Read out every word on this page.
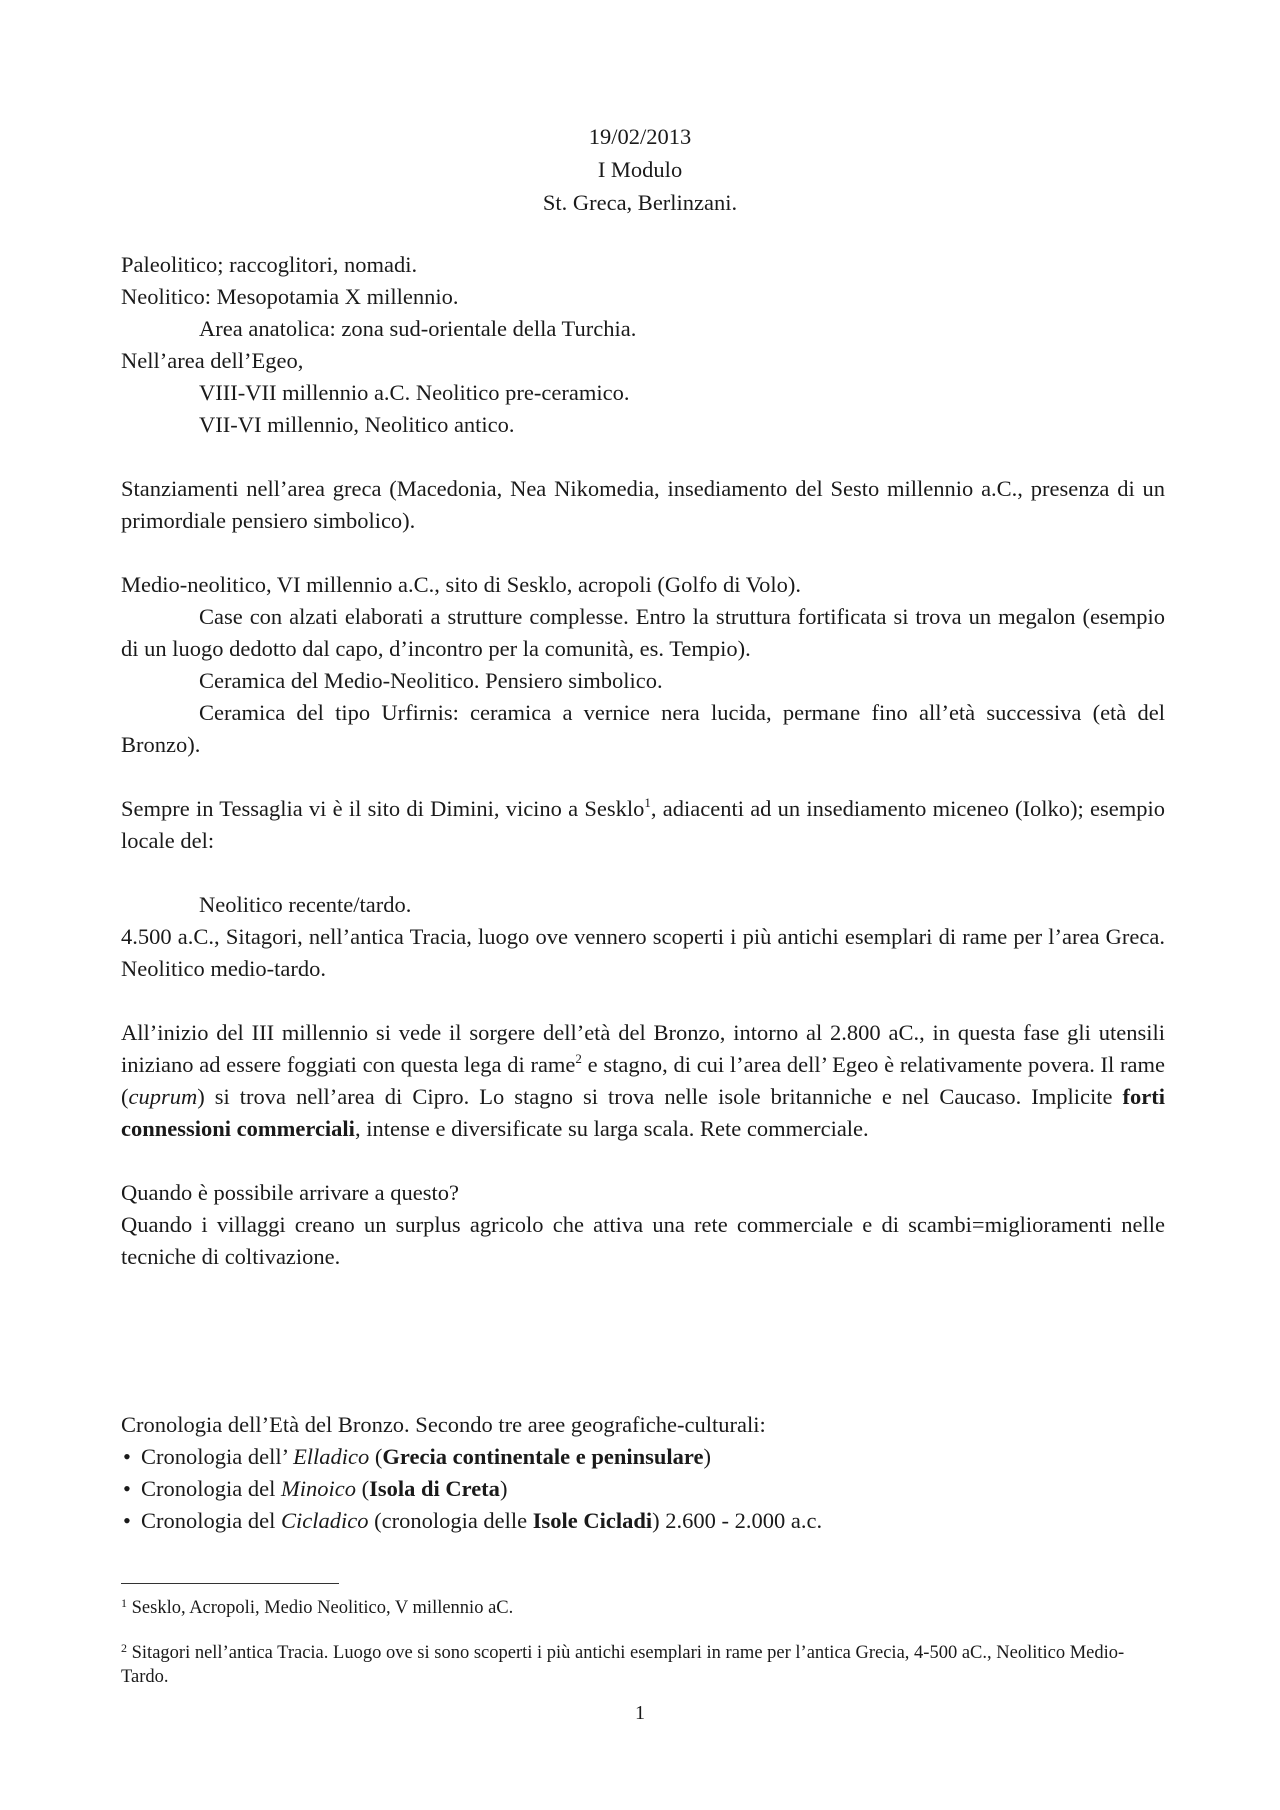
19/02/2013
I Modulo
St. Greca, Berlinzani.

Paleolitico; raccoglitori, nomadi.

Neolitico: Mesopotamia X millennio.

Area anatolica: zona sud-orientale della Turchia.

Nell’area dell’Egeo,

VIII-VII millennio a.C. Neolitico pre-ceramico.

VII-VI millennio, Neolitico antico.

Stanziamenti nell’area greca (Macedonia, Nea Nikomedia, insediamento del Sesto millennio a.C., presenza di un primordiale pensiero simbolico).

Medio-neolitico, VI millennio a.C., sito di Sesklo, acropoli (Golfo di Volo).

Case con alzati elaborati a strutture complesse. Entro la struttura fortificata si trova un megalon (esempio di un luogo dedotto dal capo, d’incontro per la comunità, es. Tempio).

Ceramica del Medio-Neolitico. Pensiero simbolico.

Ceramica del tipo Urfirnis: ceramica a vernice nera lucida, permane fino all’età successiva (età del Bronzo).

Sempre in Tessaglia vi è il sito di Dimini, vicino a Sesklo$^1$, adiacenti ad un insediamento miceneo (Iolko); esempio locale del:

Neolitico recente/tardo.

4.500 a.C., Sitagori, nell’antica Tracia, luogo ove vennero scoperti i più antichi esemplari di rame per l’area Greca. Neolitico medio-tardo.

All’inizio del III millennio si vede il sorgere dell’età del Bronzo, intorno al 2.800 aC., in questa fase gli utensili iniziano ad essere foggiati con questa lega di rame$^2$ e stagno, di cui l’area dell’ Egeo è relativamente povera. Il rame (cuprum) si trova nell’area di Cipro. Lo stagno si trova nelle isole britanniche e nel Caucaso. Implicite forti connessioni commerciali, intense e diversificate su larga scala. Rete commerciale.

Quando è possibile arrivare a questo?

Quando i villaggi creano un surplus agricolo che attiva una rete commerciale e di scambi=miglioramenti nelle tecniche di coltivazione.

Cronologia dell’Età del Bronzo. Secondo tre aree geografiche-culturali:

• Cronologia dell’ Elladico (Grecia continentale e peninsulare)
• Cronologia del Minoico (Isola di Creta)
• Cronologia del Cicladico (cronologia delle Isole Cicladi) 2.600 - 2.000 a.c.
$^1$ Sesklo, Acropoli, Medio Neolitico, V millennio aC.
$^2$ Sitagori nell’antica Tracia. Luogo ove si sono scoperti i più antichi esemplari in rame per l’antica Grecia, 4-500 aC., Neolitico Medio-Tardo.
1
